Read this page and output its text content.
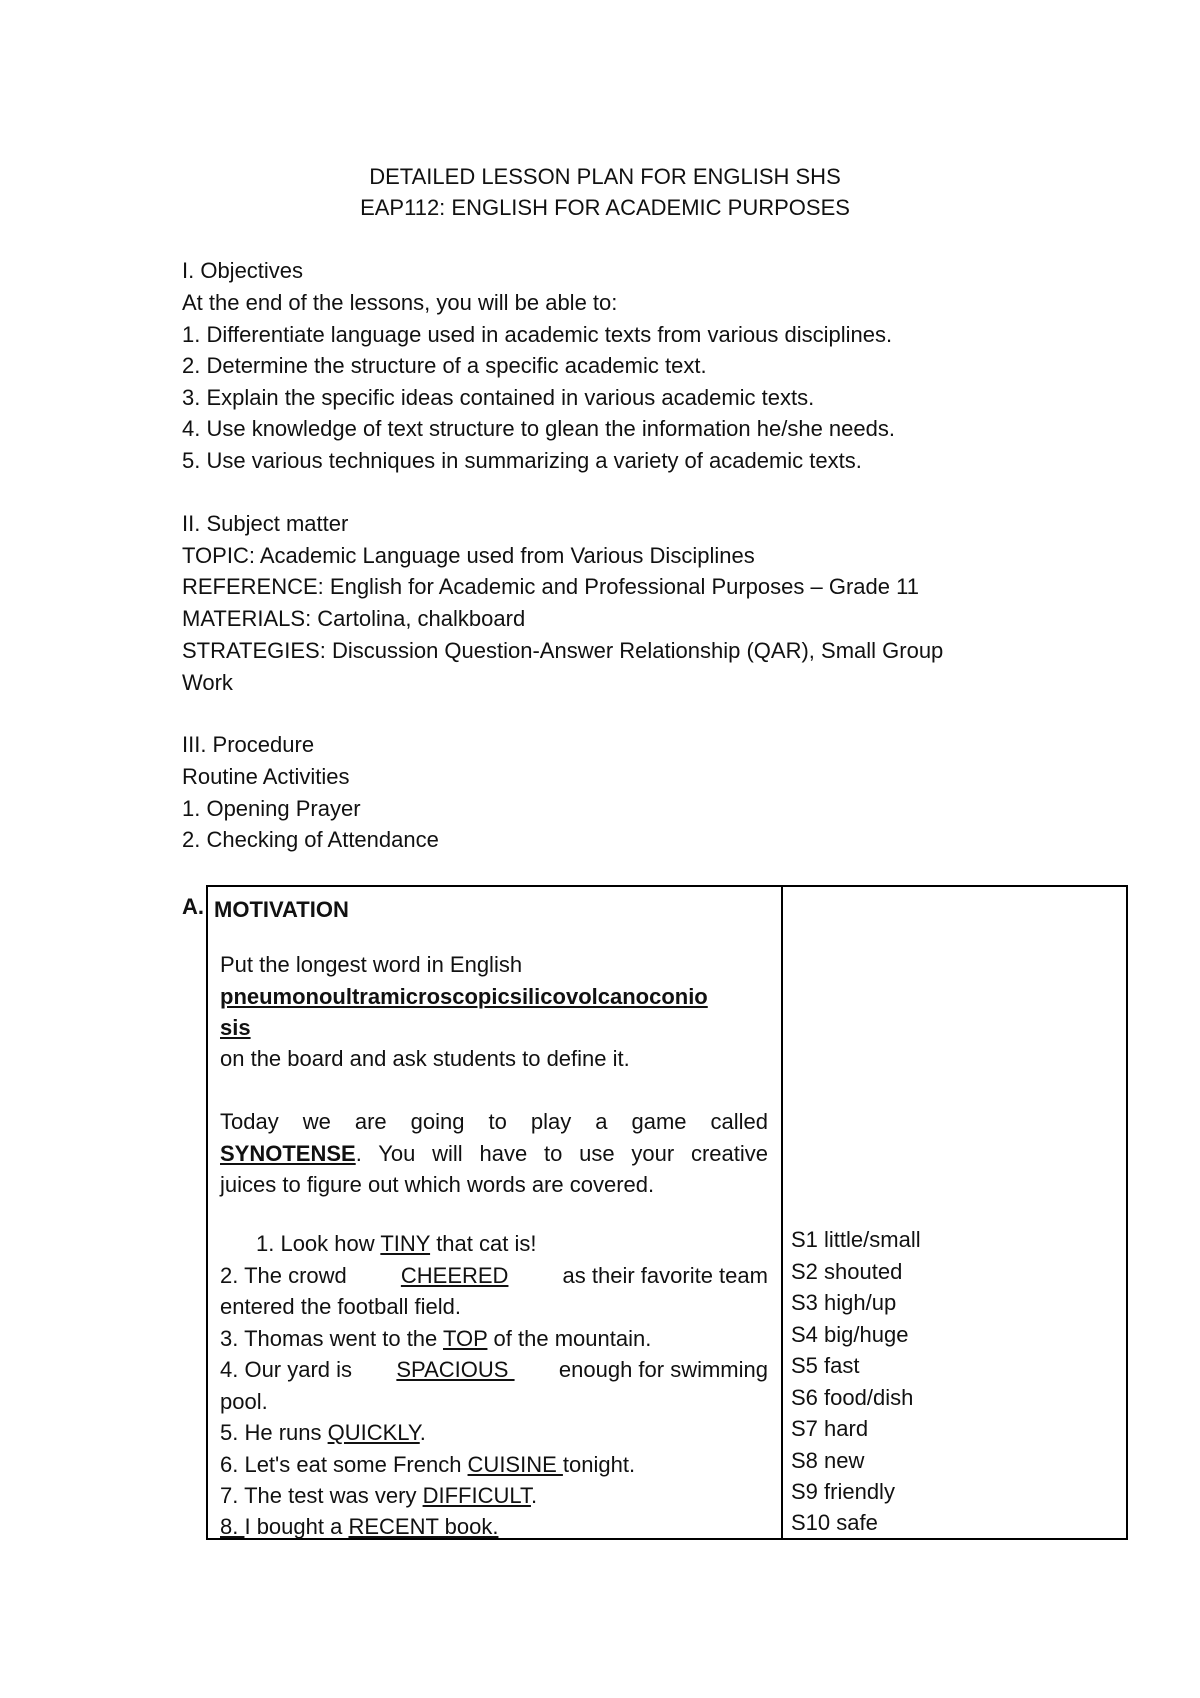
DETAILED LESSON PLAN FOR ENGLISH SHS
EAP112: ENGLISH FOR ACADEMIC PURPOSES
I. Objectives
At the end of the lessons, you will be able to:
1. Differentiate language used in academic texts from various disciplines.
2. Determine the structure of a specific academic text.
3. Explain the specific ideas contained in various academic texts.
4. Use knowledge of text structure to glean the information he/she needs.
5. Use various techniques in summarizing a variety of academic texts.
II. Subject matter
TOPIC: Academic Language used from Various Disciplines
REFERENCE: English for Academic and Professional Purposes – Grade 11
MATERIALS: Cartolina, chalkboard
STRATEGIES: Discussion Question-Answer Relationship (QAR), Small Group
Work
III. Procedure
Routine Activities
1. Opening Prayer
2. Checking of Attendance
A. MOTIVATION
Put the longest word in English
pneumonoultramicroscopicsilicovolcanoconio
sis
on the board and ask students to define it.
Today we are going to play a game called
SYNOTENSE . You will have to use your creative
juices to figure out which words are covered.
1. Look how TINY that cat is!
2. The crowd CHEERED as their favorite team
entered the football field.
3. Thomas went to the TOP of the mountain.
4. Our yard is SPACIOUS enough for swimming
pool.
5. He runs QUICKLY.
6. Let's eat some French CUISINE tonight.
7. The test was very DIFFICULT.
8. I bought a RECENT book.
S1 little/small
S2 shouted
S3 high/up
S4 big/huge
S5 fast
S6 food/dish
S7 hard
S8 new
S9 friendly
S10 safe
